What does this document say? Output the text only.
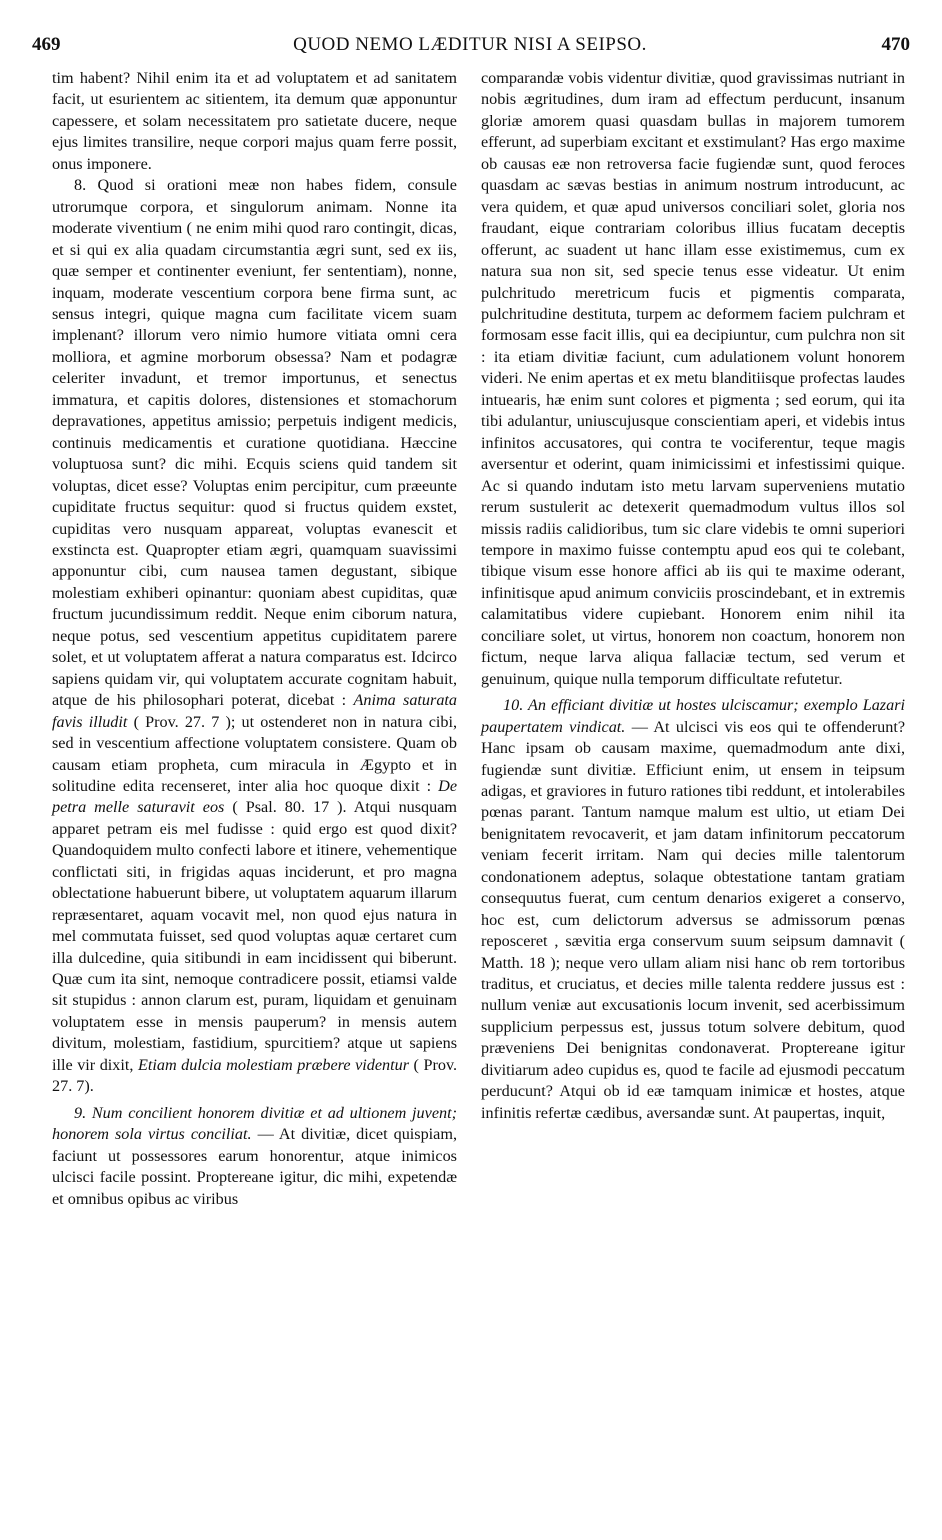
469	QUOD NEMO LÆDITUR NISI A SEIPSO.	470

tim habent? Nihil enim ita et ad voluptatem et ad sanitatem facit, ut esurientem ac sitientem, ita demum quæ apponuntur capessere, et solam necessitatem pro satietate ducere, neque ejus limites transilire, neque corpori majus quam ferre possit, onus imponere.

8. Quod si orationi meæ non habes fidem, consule utrorumque corpora, et singulorum animam. Nonne ita moderate viventium ( ne enim mihi quod raro contingit, dicas, et si qui ex alia quadam circumstantia ægri sunt, sed ex iis, quæ semper et continenter eveniunt, fer sententiam), nonne, inquam, moderate vescentium corpora bene firma sunt, ac sensus integri, quique magna cum facilitate vicem suam implenant? illorum vero nimio humore vitiata omni cera molliora, et agmine morborum obsessa? Nam et podagræ celeriter invadunt, et tremor importunus, et senectus immatura, et capitis dolores, distensiones et stomachorum depravationes, appetitus amissio; perpetuis indigent medicis, continuis medicamentis et curatione quotidiana. Hæccine voluptuosa sunt? dic mihi. Ecquis sciens quid tandem sit voluptas, dicet esse? Voluptas enim percipitur, cum præeunte cupiditate fructus sequitur: quod si fructus quidem exstet, cupiditas vero nusquam appareat, voluptas evanescit et exstincta est. Quapropter etiam ægri, quamquam suavissimi apponuntur cibi, cum nausea tamen degustant, sibique molestiam exhiberi opinantur: quoniam abest cupiditas, quæ fructum jucundissimum reddit. Neque enim ciborum natura, neque potus, sed vescentium appetitus cupiditatem parere solet, et ut voluptatem afferat a natura comparatus est. Idcirco sapiens quidam vir, qui voluptatem accurate cognitam habuit, atque de his philosophari poterat, dicebat : Anima saturata favis illudit ( Prov. 27. 7 ); ut ostenderet non in natura cibi, sed in vescentium affectione voluptatem consistere. Quam ob causam etiam propheta, cum miracula in Ægypto et in solitudine edita recenseret, inter alia hoc quoque dixit : De petra melle saturavit eos ( Psal. 80. 17 ). Atqui nusquam apparet petram eis mel fudisse : quid ergo est quod dixit? Quandoquidem multo confecti labore et itinere, vehementique conflictati siti, in frigidas aquas inciderunt, et pro magna oblectatione habuerunt bibere, ut voluptatem aquarum illarum repræsentaret, aquam vocavit mel, non quod ejus natura in mel commutata fuisset, sed quod voluptas aquæ certaret cum illa dulcedine, quia sitibundi in eam incidissent qui biberunt. Quæ cum ita sint, nemoque contradicere possit, etiamsi valde sit stupidus : annon clarum est, puram, liquidam et genuinam voluptatem esse in mensis pauperum? in mensis autem divitum, molestiam, fastidium, spurcitiem? atque ut sapiens ille vir dixit, Etiam dulcia molestiam præbere videntur ( Prov. 27. 7).

9. Num concilient honorem divitiæ et ad ultionem juvent; honorem sola virtus conciliat. — At divitiæ, dicet quispiam, faciunt ut possessores earum honorentur, atque inimicos ulcisci facile possint. Proptereane igitur, dic mihi, expetendæ et omnibus opibus ac viribus

comparandæ vobis videntur divitiæ, quod gravissimas nutriant in nobis ægritudines, dum iram ad effectum perducunt, insanum gloriæ amorem quasi quasdam bullas in majorem tumorem efferunt, ad superbiam excitant et exstimulant? Has ergo maxime ob causas eæ non retroversa facie fugiendæ sunt, quod feroces quasdam ac sævas bestias in animum nostrum introducunt, ac vera quidem, et quæ apud universos conciliari solet, gloria nos fraudant, eique contrariam coloribus illius fucatam deceptis offerunt, ac suadent ut hanc illam esse existimemus, cum ex natura sua non sit, sed specie tenus esse videatur. Ut enim pulchritudo meretricum fucis et pigmentis comparata, pulchritudine destituta, turpem ac deformem faciem pulchram et formosam esse facit illis, qui ea decipiuntur, cum pulchra non sit : ita etiam divitiæ faciunt, cum adulationem volunt honorem videri. Ne enim apertas et ex metu blanditiisque profectas laudes intuearis, hæ enim sunt colores et pigmenta ; sed eorum, qui ita tibi adulantur, uniuscujusque conscientiam aperi, et videbis intus infinitos accusatores, qui contra te vociferentur, teque magis aversentur et oderint, quam inimicissimi et infestissimi quique. Ac si quando indutam isto metu larvam superveniens mutatio rerum sustulerit ac detexerit quemadmodum vultus illos sol missis radiis calidioribus, tum sic clare videbis te omni superiori tempore in maximo fuisse contemptu apud eos qui te colebant, tibique visum esse honore affici ab iis qui te maxime oderant, infinitisque apud animum conviciis proscindebant, et in extremis calamitatibus videre cupiebant. Honorem enim nihil ita conciliare solet, ut virtus, honorem non coactum, honorem non fictum, neque larva aliqua fallaciæ tectum, sed verum et genuinum, quique nulla temporum difficultate refutetur.

10. An efficiant divitiæ ut hostes ulciscamur; exemplo Lazari paupertatem vindicat. — At ulcisci vis eos qui te offenderunt? Hanc ipsam ob causam maxime, quemadmodum ante dixi, fugiendæ sunt divitiæ. Efficiunt enim, ut ensem in teipsum adigas, et graviores in futuro rationes tibi reddunt, et intolerabiles pœnas parant. Tantum namque malum est ultio, ut etiam Dei benignitatem revocaverit, et jam datam infinitorum peccatorum veniam fecerit irritam. Nam qui decies mille talentorum condonationem adeptus, solaque obtestatione tantam gratiam consequutus fuerat, cum centum denarios exigeret a conservo, hoc est, cum delictorum adversus se admissorum pœnas reposceret , sævitia erga conservum suum seipsum damnavit ( Matth. 18 ); neque vero ullam aliam nisi hanc ob rem tortoribus traditus, et cruciatus, et decies mille talenta reddere jussus est : nullum veniæ aut excusationis locum invenit, sed acerbissimum supplicium perpessus est, jussus totum solvere debitum, quod præveniens Dei benignitas condonaverat. Proptereane igitur divitiarum adeo cupidus es, quod te facile ad ejusmodi peccatum perducunt? Atqui ob id eæ tamquam inimicæ et hostes, atque infinitis refertæ cædibus, aversandæ sunt. At paupertas, inquit,
